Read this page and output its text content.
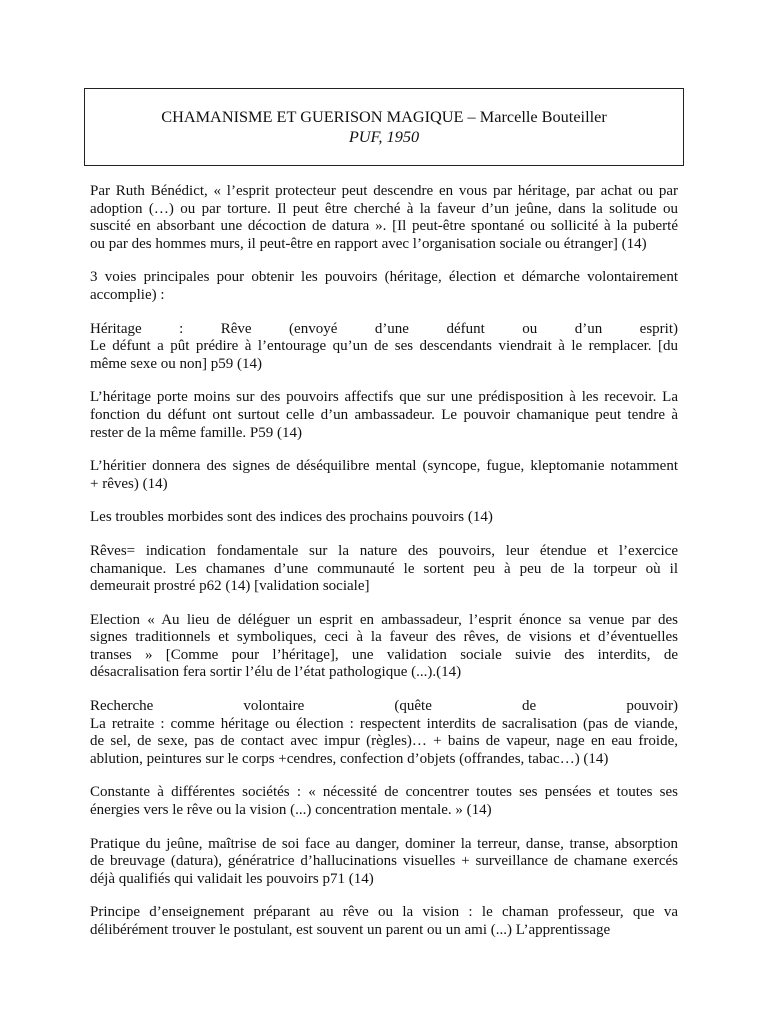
CHAMANISME ET GUERISON MAGIQUE – Marcelle Bouteiller

PUF, 1950

Par Ruth Bénédict, « l’esprit protecteur peut descendre en vous par héritage, par achat ou par
adoption (…) ou par torture. Il peut être cherché à la faveur d’un jeûne, dans la solitude ou
suscité en absorbant une décoction de datura ». [Il peut-être spontané ou sollicité à la puberté
ou par des hommes murs, il peut-être en rapport avec l’organisation sociale ou étranger] (14)
3 voies principales pour obtenir les pouvoirs (héritage, élection et démarche volontairement
accomplie) :
Héritage : Rêve (envoyé d’une défunt ou d’un esprit)
Le défunt a pût prédire à l’entourage qu’un de ses descendants viendrait à le remplacer. [du
même sexe ou non] p59 (14)
L’héritage porte moins sur des pouvoirs affectifs que sur une prédisposition à les recevoir. La
fonction du défunt ont surtout celle d’un ambassadeur. Le pouvoir chamanique peut tendre à
rester de la même famille. P59 (14)
L’héritier donnera des signes de déséquilibre mental (syncope, fugue, kleptomanie notamment
+ rêves) (14)
Les troubles morbides sont des indices des prochains pouvoirs (14)
Rêves= indication fondamentale sur la nature des pouvoirs, leur étendue et l’exercice
chamanique. Les chamanes d’une communauté le sortent peu à peu de la torpeur où il
demeurait prostré p62 (14) [validation sociale]
Election « Au lieu de déléguer un esprit en ambassadeur, l’esprit énonce sa venue par des
signes traditionnels et symboliques, ceci à la faveur des rêves, de visions et d’éventuelles
transes » [Comme pour l’héritage], une validation sociale suivie des interdits, de
désacralisation fera sortir l’élu de l’état pathologique (...).(14)
Recherche volontaire (quête de pouvoir)
La retraite : comme héritage ou élection : respectent interdits de sacralisation (pas de viande,
de sel, de sexe, pas de contact avec impur (règles)… + bains de vapeur, nage en eau froide,
ablution, peintures sur le corps +cendres, confection d’objets (offrandes, tabac…) (14)
Constante à différentes sociétés : « nécessité de concentrer toutes ses pensées et toutes ses
énergies vers le rêve ou la vision (...) concentration mentale. » (14)
Pratique du jeûne, maîtrise de soi face au danger, dominer la terreur, danse, transe, absorption
de breuvage (datura), génératrice d’hallucinations visuelles + surveillance de chamane exercés
déjà qualifiés qui validait les pouvoirs p71 (14)
Principe d’enseignement préparant au rêve ou la vision : le chaman professeur, que va
délibérément trouver le postulant, est souvent un parent ou un ami (...) L’apprentissage
